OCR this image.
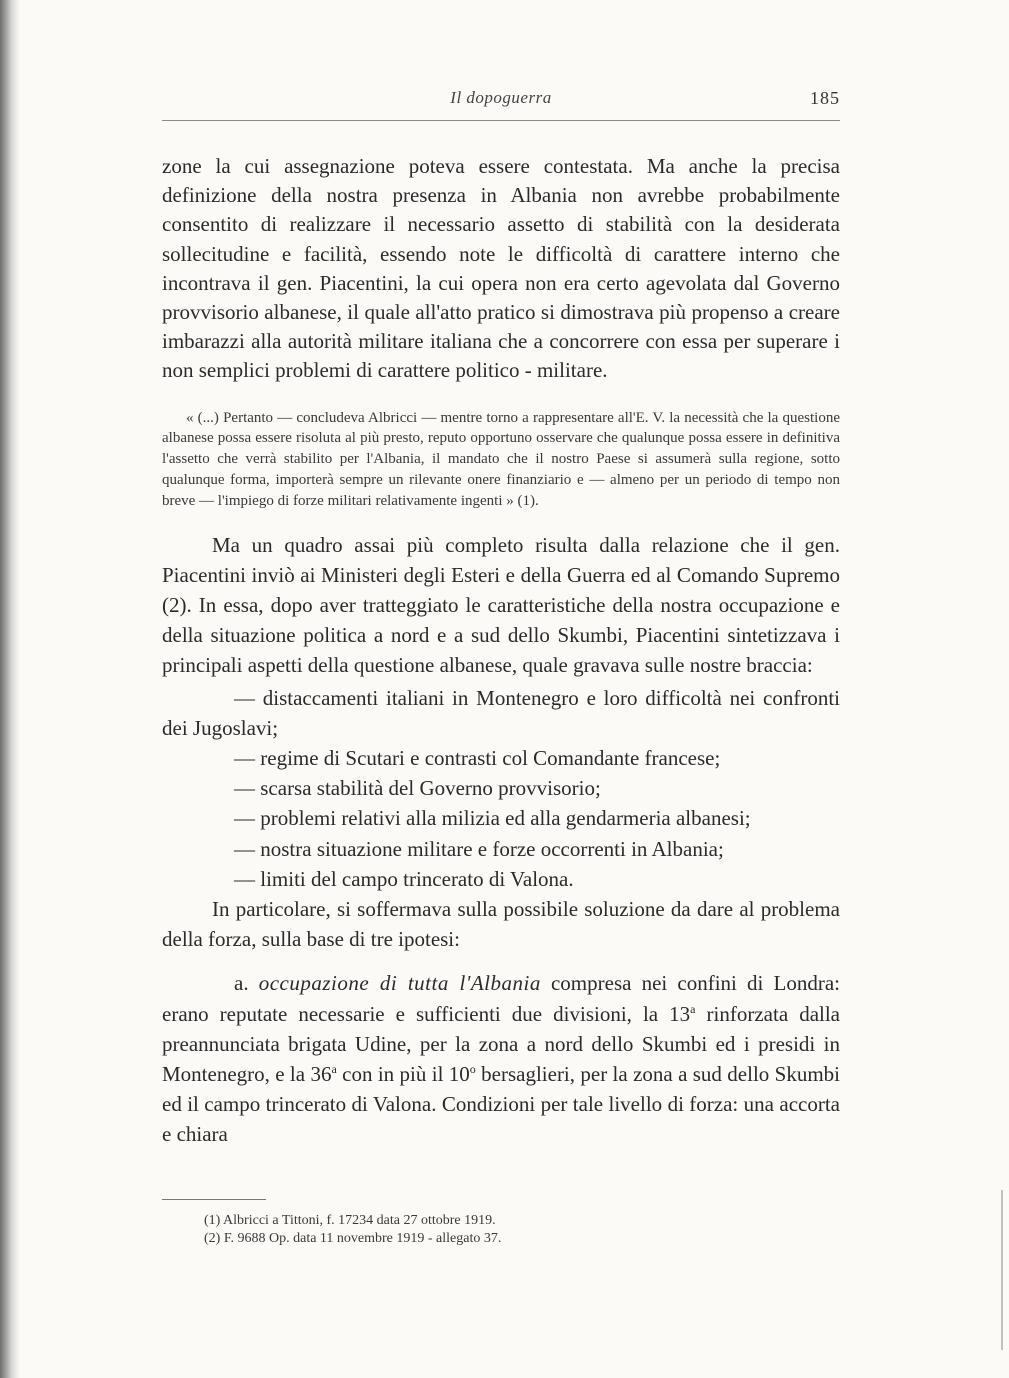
Il dopoguerra	185

zone la cui assegnazione poteva essere contestata. Ma anche la precisa definizione della nostra presenza in Albania non avrebbe probabilmente consentito di realizzare il necessario assetto di stabilità con la desiderata sollecitudine e facilità, essendo note le difficoltà di carattere interno che incontrava il gen. Piacentini, la cui opera non era certo agevolata dal Governo provvisorio albanese, il quale all'atto pratico si dimostrava più propenso a creare imbarazzi alla autorità militare italiana che a concorrere con essa per superare i non semplici problemi di carattere politico - militare.

« (...) Pertanto — concludeva Albricci — mentre torno a rappresentare all'E. V. la necessità che la questione albanese possa essere risoluta al più presto, reputo opportuno osservare che qualunque possa essere in definitiva l'assetto che verrà stabilito per l'Albania, il mandato che il nostro Paese si assumerà sulla regione, sotto qualunque forma, importerà sempre un rilevante onere finanziario e — almeno per un periodo di tempo non breve — l'impiego di forze militari relativamente ingenti » (1).

Ma un quadro assai più completo risulta dalla relazione che il gen. Piacentini inviò ai Ministeri degli Esteri e della Guerra ed al Comando Supremo (2). In essa, dopo aver tratteggiato le caratteristiche della nostra occupazione e della situazione politica a nord e a sud dello Skumbi, Piacentini sintetizzava i principali aspetti della questione albanese, quale gravava sulle nostre braccia:

— distaccamenti italiani in Montenegro e loro difficoltà nei confronti dei Jugoslavi;

— regime di Scutari e contrasti col Comandante francese;

— scarsa stabilità del Governo provvisorio;

— problemi relativi alla milizia ed alla gendarmeria albanesi;

— nostra situazione militare e forze occorrenti in Albania;

— limiti del campo trincerato di Valona.

In particolare, si soffermava sulla possibile soluzione da dare al problema della forza, sulla base di tre ipotesi:

a. occupazione di tutta l'Albania compresa nei confini di Londra: erano reputate necessarie e sufficienti due divisioni, la 13$^a$ rinforzata dalla preannunciata brigata Udine, per la zona a nord dello Skumbi ed i presidi in Montenegro, e la 36$^a$ con in più il 10$^o$ bersaglieri, per la zona a sud dello Skumbi ed il campo trincerato di Valona. Condizioni per tale livello di forza: una accorta e chiara

(1) Albricci a Tittoni, f. 17234 data 27 ottobre 1919.

(2) F. 9688 Op. data 11 novembre 1919 - allegato 37.
